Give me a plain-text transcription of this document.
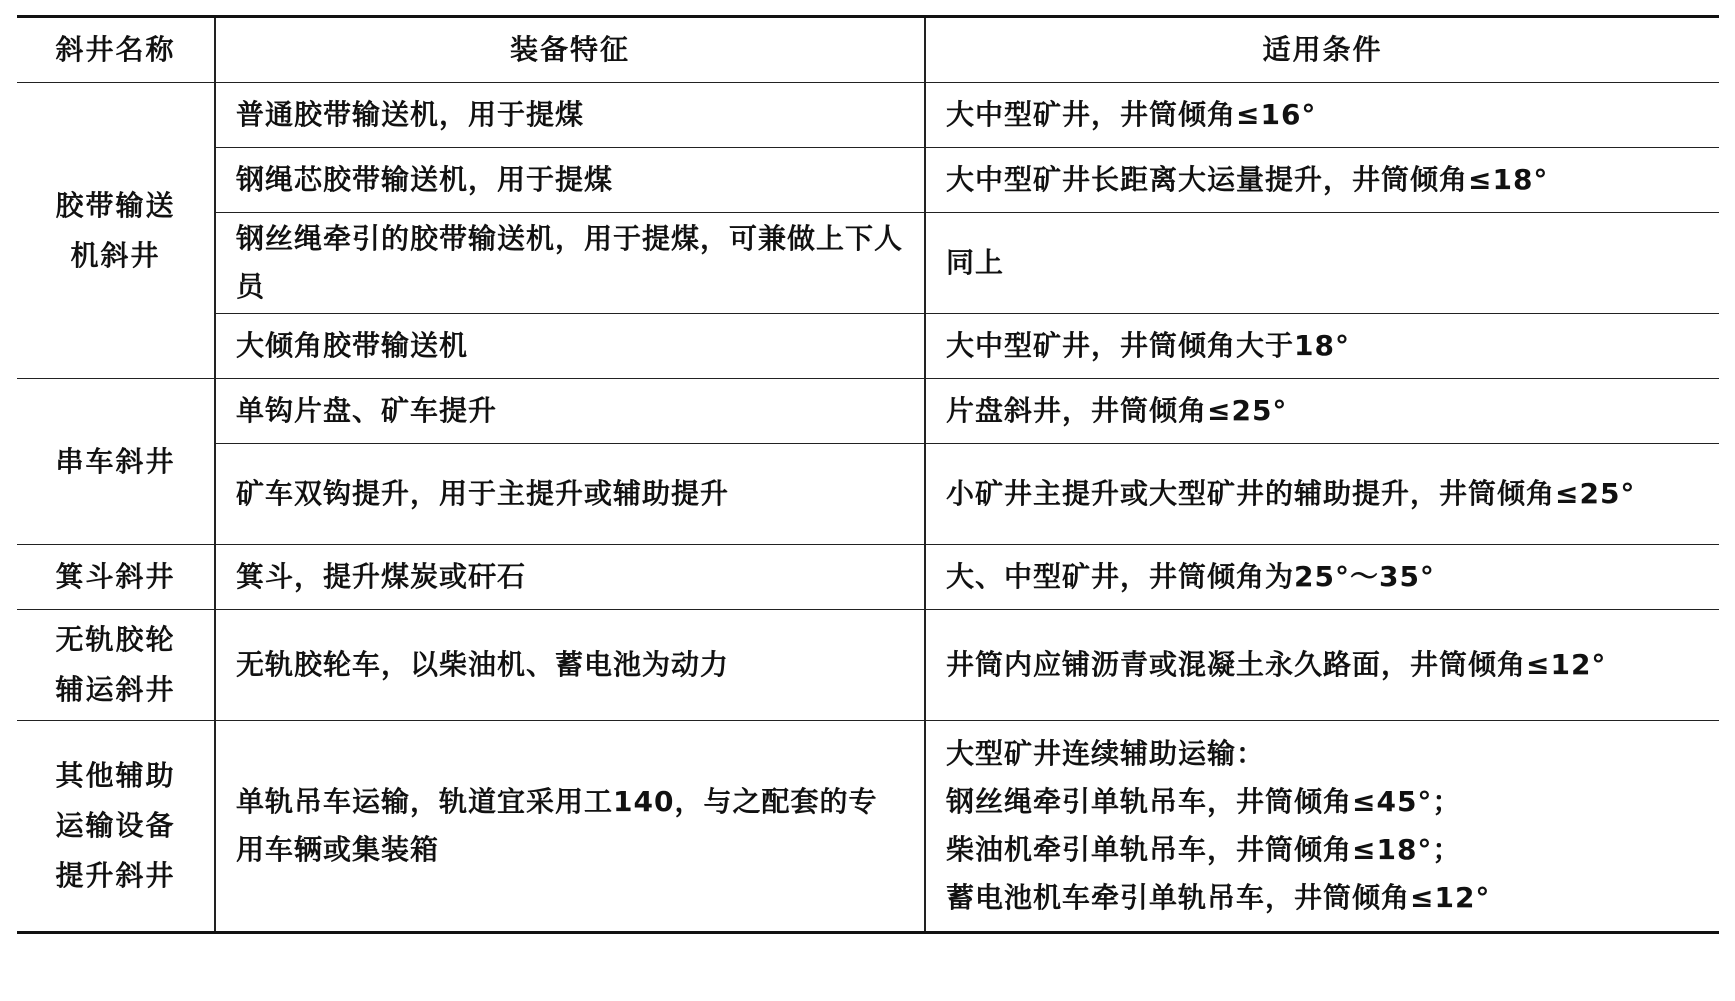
斜井名称	装备特征	适用条件
胶带输送机斜井	普通胶带输送机，用于提煤	大中型矿井，井筒倾角≤16°
	钢绳芯胶带输送机，用于提煤	大中型矿井长距离大运量提升，井筒倾角≤18°
	钢丝绳牵引的胶带输送机，用于提煤，可兼做上下人员	同上
	大倾角胶带输送机	大中型矿井，井筒倾角大于18°
串车斜井	单钩片盘、矿车提升	片盘斜井，井筒倾角≤25°
	矿车双钩提升，用于主提升或辅助提升	小矿井主提升或大型矿井的辅助提升，井筒倾角≤25°
箕斗斜井	箕斗，提升煤炭或矸石	大、中型矿井，井筒倾角为25°～35°
无轨胶轮辅运斜井	无轨胶轮车，以柴油机、蓄电池为动力	井筒内应铺沥青或混凝土永久路面，井筒倾角≤12°
其他辅助运输设备提升斜井	单轨吊车运输，轨道宜采用工140，与之配套的专用车辆或集装箱	大型矿井连续辅助运输：
钢丝绳牵引单轨吊车，井筒倾角≤45°；
柴油机牵引单轨吊车，井筒倾角≤18°；
蓄电池机车牵引单轨吊车，井筒倾角≤12°
